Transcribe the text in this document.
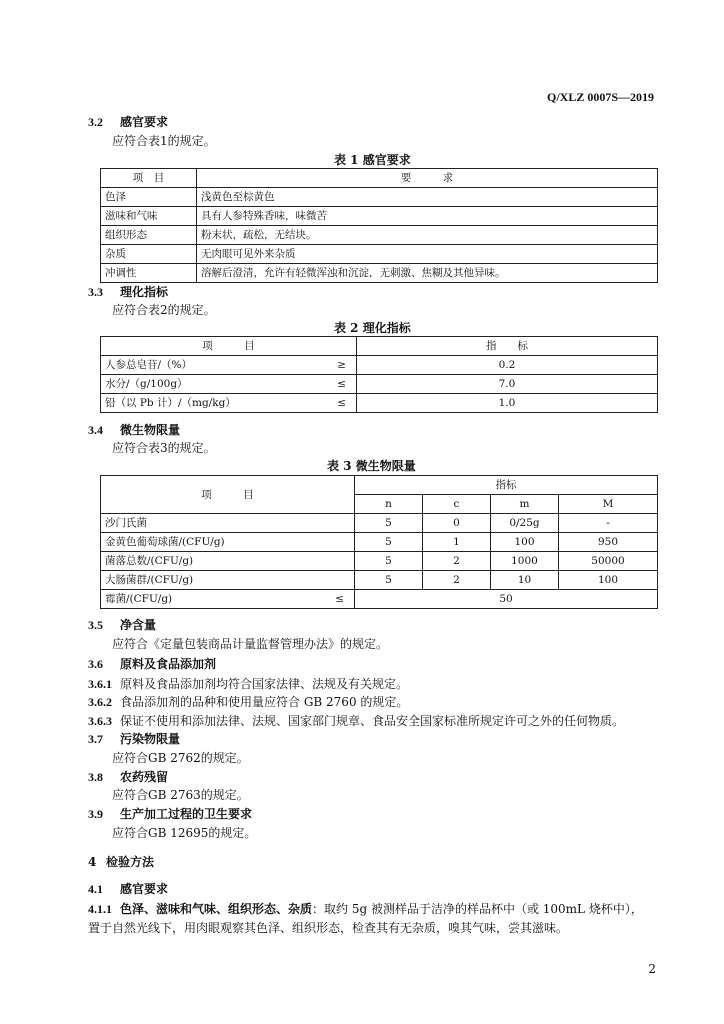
Q/XLZ 0007S—2019
3.2 感官要求
应符合表1的规定。
表 1 感官要求
项　目	要　　　求
色泽	浅黄色至棕黄色
滋味和气味	具有人参特殊香味，味微苦
组织形态	粉末状，疏松，无结块。
杂质	无肉眼可见外来杂质
冲调性	溶解后澄清，允许有轻微浑浊和沉淀，无刺激、焦糊及其他异味。
3.3 理化指标
应符合表2的规定。
表 2 理化指标
项　　　目		指　　标
人参总皂苷/（%）	≥	0.2
水分/（g/100g）	≤	7.0
铅（以 Pb 计）/（mg/kg）	≤	1.0
3.4 微生物限量
应符合表3的规定。
表 3 微生物限量
项　　　目		指标			
		n	c	m	M
沙门氏菌		5	0	0/25g	-
金黄色葡萄球菌/(CFU/g)		5	1	100	950
菌落总数/(CFU/g)		5	2	1000	50000
大肠菌群/(CFU/g)		5	2	10	100
霉菌/(CFU/g)	≤	50			
3.5 净含量
应符合《定量包装商品计量监督管理办法》的规定。
3.6 原料及食品添加剂
3.6.1 原料及食品添加剂均符合国家法律、法规及有关规定。
3.6.2 食品添加剂的品种和使用量应符合 GB 2760 的规定。
3.6.3 保证不使用和添加法律、法规、国家部门规章、食品安全国家标准所规定许可之外的任何物质。
3.7 污染物限量
应符合GB 2762的规定。
3.8 农药残留
应符合GB 2763的规定。
3.9 生产加工过程的卫生要求
应符合GB 12695的规定。
4 检验方法
4.1 感官要求
4.1.1 色泽、滋味和气味、组织形态、杂质：取约 5g 被测样品于洁净的样品杯中（或 100mL 烧杯中），
置于自然光线下，用肉眼观察其色泽、组织形态，检查其有无杂质，嗅其气味，尝其滋味。
2
